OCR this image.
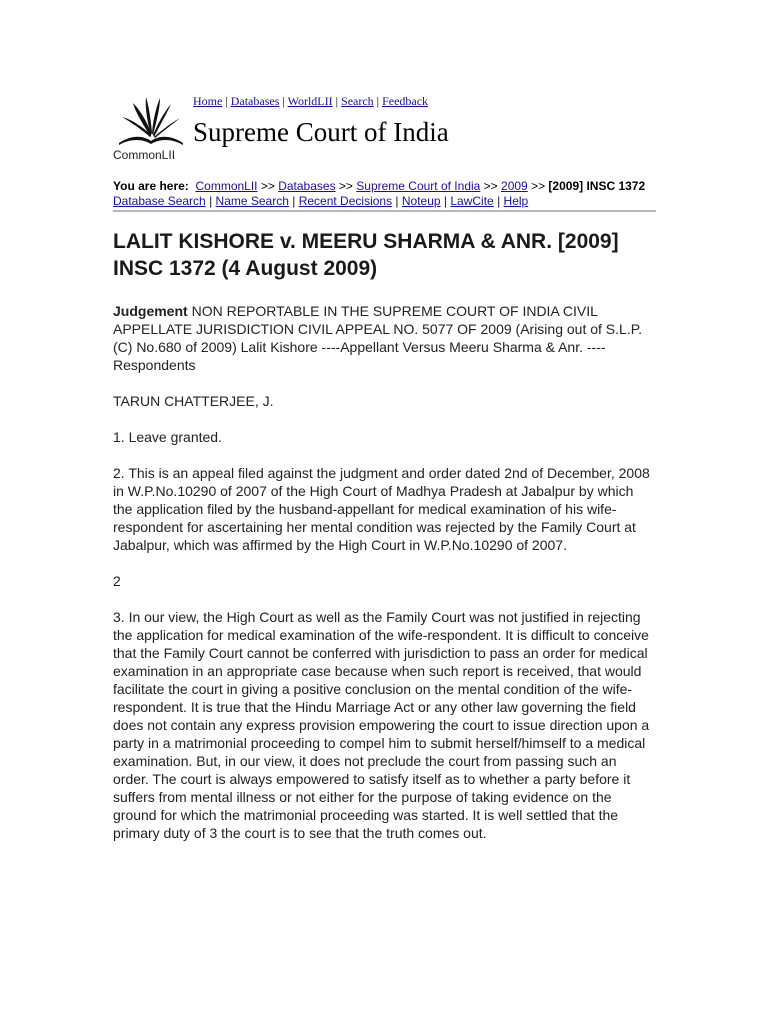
CommonLII
Home | Databases | WorldLII | Search | Feedback
Supreme Court of India
You are here: CommonLII >> Databases >> Supreme Court of India >> 2009 >> [2009] INSC 1372
Database Search | Name Search | Recent Decisions | Noteup | LawCite | Help
LALIT KISHORE v. MEERU SHARMA & ANR. [2009] INSC 1372 (4 August 2009)

Judgement NON REPORTABLE IN THE SUPREME COURT OF INDIA CIVIL APPELLATE JURISDICTION CIVIL APPEAL NO. 5077 OF 2009 (Arising out of S.L.P. (C) No.680 of 2009) Lalit Kishore ----Appellant Versus Meeru Sharma & Anr. ----Respondents

TARUN CHATTERJEE, J.

1. Leave granted.

2. This is an appeal filed against the judgment and order dated 2nd of December, 2008 in W.P.No.10290 of 2007 of the High Court of Madhya Pradesh at Jabalpur by which the application filed by the husband-appellant for medical examination of his wife-respondent for ascertaining her mental condition was rejected by the Family Court at Jabalpur, which was affirmed by the High Court in W.P.No.10290 of 2007.

2

3. In our view, the High Court as well as the Family Court was not justified in rejecting the application for medical examination of the wife-respondent. It is difficult to conceive that the Family Court cannot be conferred with jurisdiction to pass an order for medical examination in an appropriate case because when such report is received, that would facilitate the court in giving a positive conclusion on the mental condition of the wife-respondent. It is true that the Hindu Marriage Act or any other law governing the field does not contain any express provision empowering the court to issue direction upon a party in a matrimonial proceeding to compel him to submit herself/himself to a medical examination. But, in our view, it does not preclude the court from passing such an order. The court is always empowered to satisfy itself as to whether a party before it suffers from mental illness or not either for the purpose of taking evidence on the ground for which the matrimonial proceeding was started. It is well settled that the primary duty of 3 the court is to see that the truth comes out.
